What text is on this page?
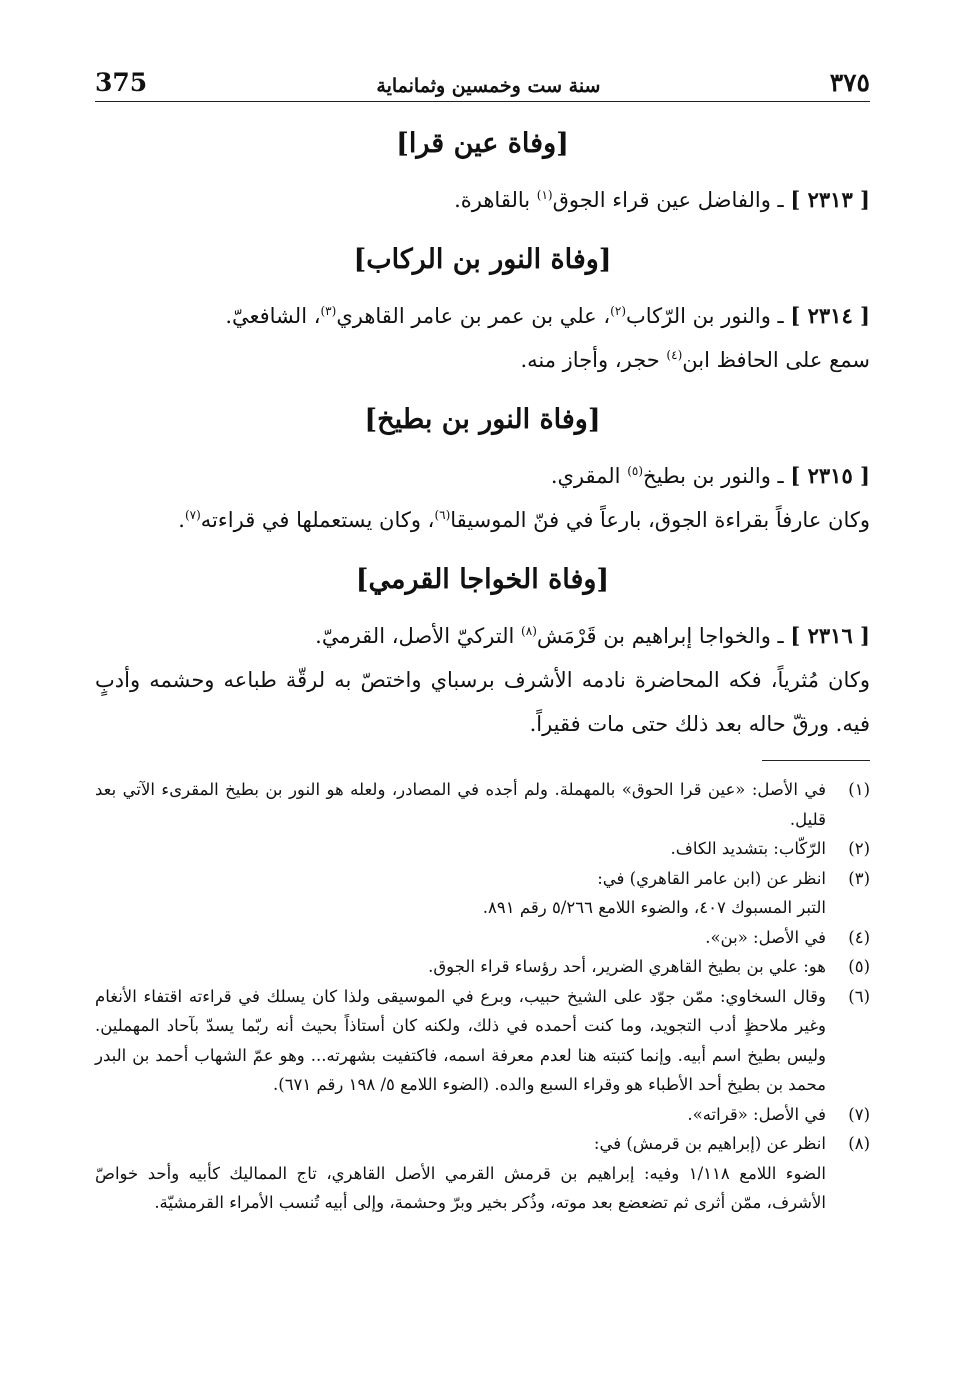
375	سنة ست وخمسين وثمانماية	٣٧٥
[وفاة عين قرا]
[ ٢٣١٣ ] ـ والفاضل عين قراء الجوق$^{(١)}$ بالقاهرة.
[وفاة النور بن الركاب]
[ ٢٣١٤ ] ـ والنور بن الرّكاب$^{(٢)}$، علي بن عمر بن عامر القاهري$^{(٣)}$، الشافعيّ.
سمع على الحافظ ابن$^{(٤)}$ حجر، وأجاز منه.
[وفاة النور بن بطيخ]
[ ٢٣١٥ ] ـ والنور بن بطيخ$^{(٥)}$ المقري.
وكان عارفاً بقراءة الجوق، بارعاً في فنّ الموسيقا$^{(٦)}$، وكان يستعملها في قراءته$^{(٧)}$.
[وفاة الخواجا القرمي]
[ ٢٣١٦ ] ـ والخواجا إبراهيم بن قَرْمَش$^{(٨)}$ التركيّ الأصل، القرميّ.
وكان مُثرياً، فكه المحاضرة نادمه الأشرف برسباي واختصّ به لرقّة طباعه وحشمه وأدبٍ فيه. ورقّ حاله بعد ذلك حتى مات فقيراً.
(١)
في الأصل: «عين قرا الحوق» بالمهملة. ولم أجده في المصادر، ولعله هو النور بن بطيخ المقرىء الآتي بعد قليل.
(٢)
الرّكّاب: بتشديد الكاف.
(٣)
انظر عن (ابن عامر القاهري) في:
التبر المسبوك ٤٠٧، والضوء اللامع ٥/٢٦٦ رقم ٨٩١.
(٤)
في الأصل: «بن».
(٥)
هو: علي بن بطيخ القاهري الضرير، أحد رؤساء قراء الجوق.
(٦)
وقال السخاوي: ممّن جوّد على الشيخ حبيب، وبرع في الموسيقى ولذا كان يسلك في قراءته اقتفاء الأنغام وغير ملاحظٍ أدب التجويد، وما كنت أحمده في ذلك، ولكنه كان أستاذاً بحيث أنه ربّما يسدّ بآحاد المهملين. وليس بطيخ اسم أبيه. وإنما كتبته هنا لعدم معرفة اسمه، فاكتفيت بشهرته... وهو عمّ الشهاب أحمد بن البدر محمد بن بطيخ أحد الأطباء هو وقراء السبع والده. (الضوء اللامع ٥/ ١٩٨ رقم ٦٧١).
(٧)
في الأصل: «قراته».
(٨)
انظر عن (إبراهيم بن قرمش) في:
الضوء اللامع ١/١١٨ وفيه: إبراهيم بن قرمش القرمي الأصل القاهري، تاج المماليك كأبيه وأحد خواصّ الأشرف، ممّن أثرى ثم تضعضع بعد موته، وذُكر بخير وبرّ وحشمة، وإلى أبيه تُنسب الأمراء القرمشيّة.
